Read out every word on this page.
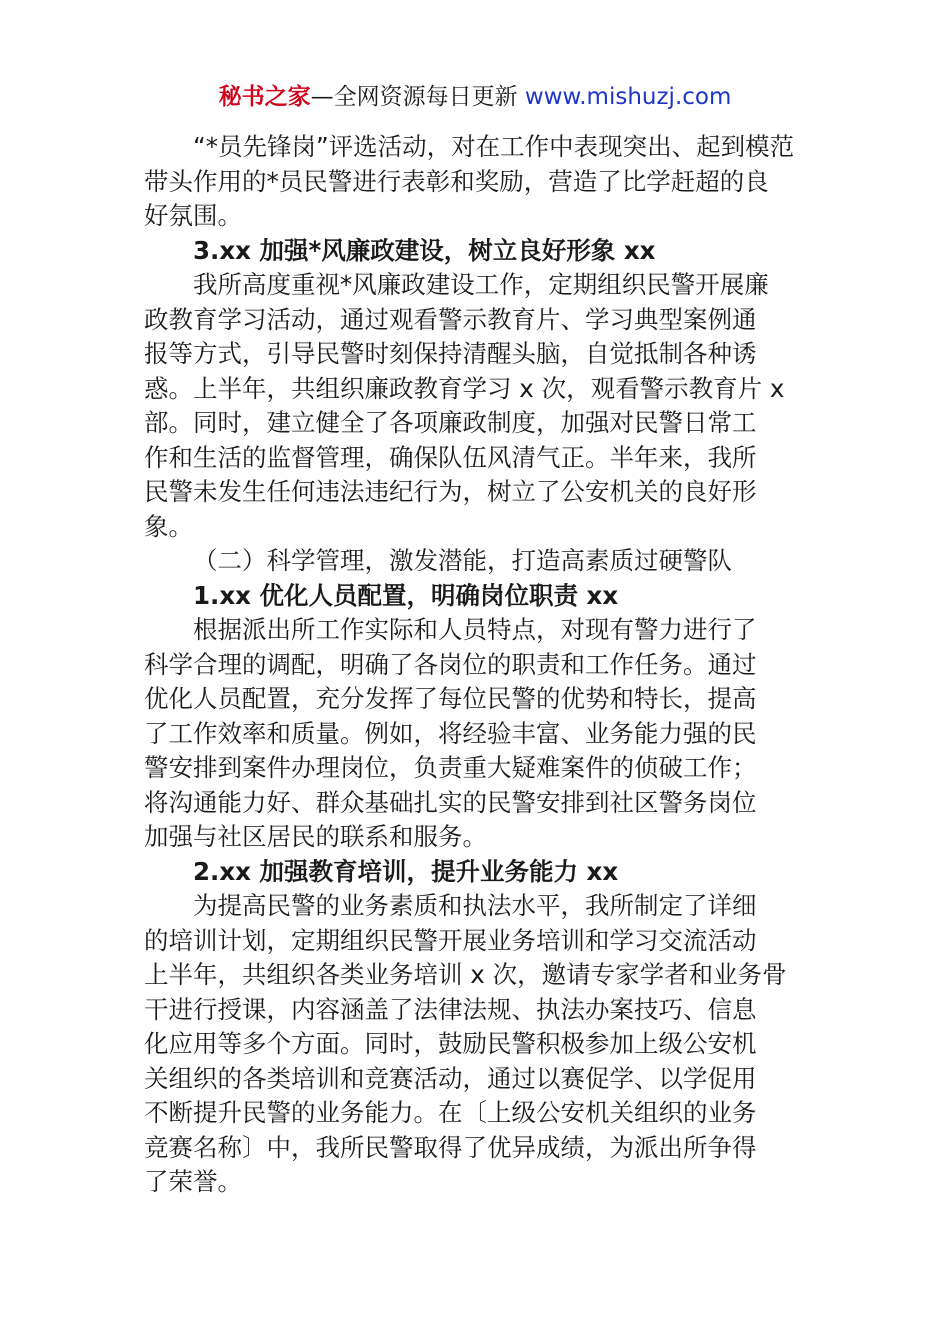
秘书之家—全网资源每日更新 www.mishuzj.com
“*员先锋岗”评选活动，对在工作中表现突出、起到模范
带头作用的*员民警进行表彰和奖励，营造了比学赶超的良
好氛围。
3.xx 加强*风廉政建设，树立良好形象 xx
我所高度重视*风廉政建设工作，定期组织民警开展廉
政教育学习活动，通过观看警示教育片、学习典型案例通
报等方式，引导民警时刻保持清醒头脑，自觉抵制各种诱
惑。上半年，共组织廉政教育学习 x 次，观看警示教育片 x
部。同时，建立健全了各项廉政制度，加强对民警日常工
作和生活的监督管理，确保队伍风清气正。半年来，我所
民警未发生任何违法违纪行为，树立了公安机关的良好形
象。
（二）科学管理，激发潜能，打造高素质过硬警队
1.xx 优化人员配置，明确岗位职责 xx
根据派出所工作实际和人员特点，对现有警力进行了
科学合理的调配，明确了各岗位的职责和工作任务。通过
优化人员配置，充分发挥了每位民警的优势和特长，提高
了工作效率和质量。例如，将经验丰富、业务能力强的民
警安排到案件办理岗位，负责重大疑难案件的侦破工作；
将沟通能力好、群众基础扎实的民警安排到社区警务岗位
加强与社区居民的联系和服务。
2.xx 加强教育培训，提升业务能力 xx
为提高民警的业务素质和执法水平，我所制定了详细
的培训计划，定期组织民警开展业务培训和学习交流活动
上半年，共组织各类业务培训 x 次，邀请专家学者和业务骨
干进行授课，内容涵盖了法律法规、执法办案技巧、信息
化应用等多个方面。同时，鼓励民警积极参加上级公安机
关组织的各类培训和竞赛活动，通过以赛促学、以学促用
不断提升民警的业务能力。在〔上级公安机关组织的业务
竞赛名称〕中，我所民警取得了优异成绩，为派出所争得
了荣誉。
